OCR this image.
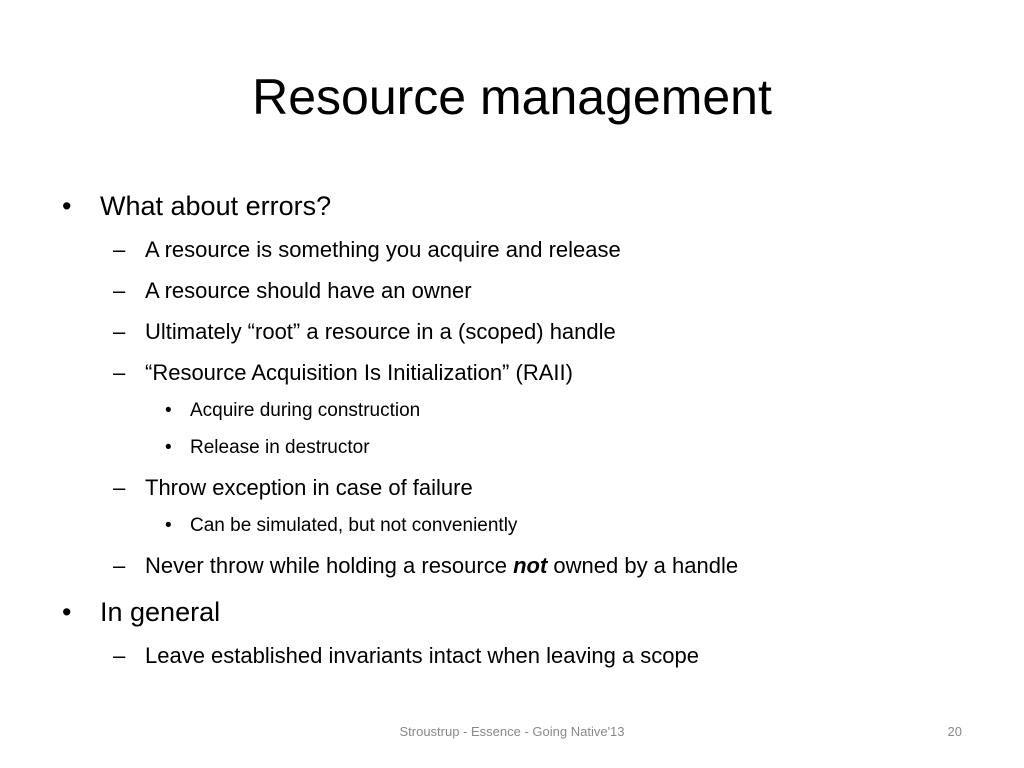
Resource management
• What about errors?
– A resource is something you acquire and release
– A resource should have an owner
– Ultimately “root” a resource in a (scoped) handle
– “Resource Acquisition Is Initialization” (RAII)
• Acquire during construction
• Release in destructor
– Throw exception in case of failure
• Can be simulated, but not conveniently
– Never throw while holding a resource not owned by a handle
• In general
– Leave established invariants intact when leaving a scope
Stroustrup - Essence - Going Native'13	20
